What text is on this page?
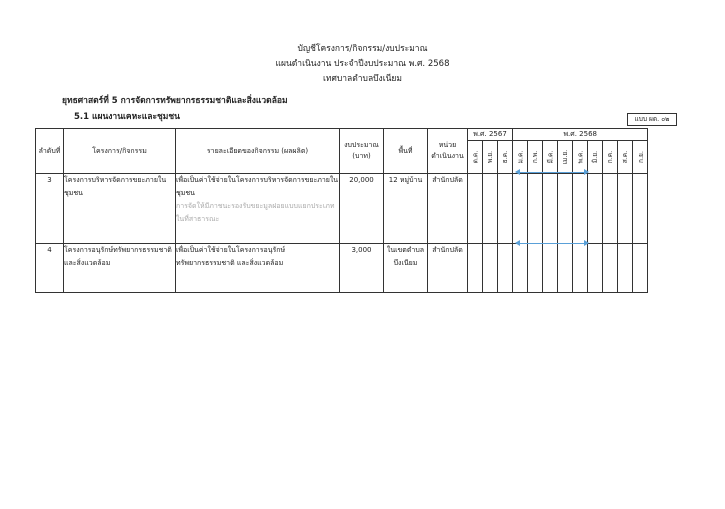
บัญชีโครงการ/กิจกรรม/งบประมาณ
แผนดำเนินงาน ประจำปีงบประมาณ พ.ศ. 2568
เทศบาลตำบลบึงเนียม
ยุทธศาสตร์ที่ 5 การจัดการทรัพยากรธรรมชาติและสิ่งแวดล้อม
5.1 แผนงานเคหะและชุมชน	แบบ ผด. ๐๒
ลำดับที่	โครงการ/กิจกรรม	รายละเอียดของกิจกรรม (ผลผลิต)	งบประมาณ (บาท)	พื้นที่	หน่วย ดำเนินงาน	พ.ศ. 2567			พ.ศ. 2568								
						ต.ค.	พ.ย.	ธ.ค.	ม.ค.	ก.พ.	มี.ค.	เม.ย.	พ.ค.	มิ.ย.	ก.ค.	ส.ค.	ก.ย.
3	โครงการบริหารจัดการขยะภายในชุมชน	เพื่อเป็นค่าใช้จ่ายในโครงการบริหารจัดการขยะภายในชุมชน
การจัดให้มีภาชนะรองรับขยะมูลฝอยแบบแยกประเภทในที่สาธารณะ	20,000	12 หมู่บ้าน	สำนักปลัด												
4	โครงการอนุรักษ์ทรัพยากรธรรมชาติและสิ่งแวดล้อม	เพื่อเป็นค่าใช้จ่ายในโครงการอนุรักษ์ทรัพยากรธรรมชาติ และสิ่งแวดล้อม	3,000	ในเขตตำบลบึงเนียม	สำนักปลัด												
